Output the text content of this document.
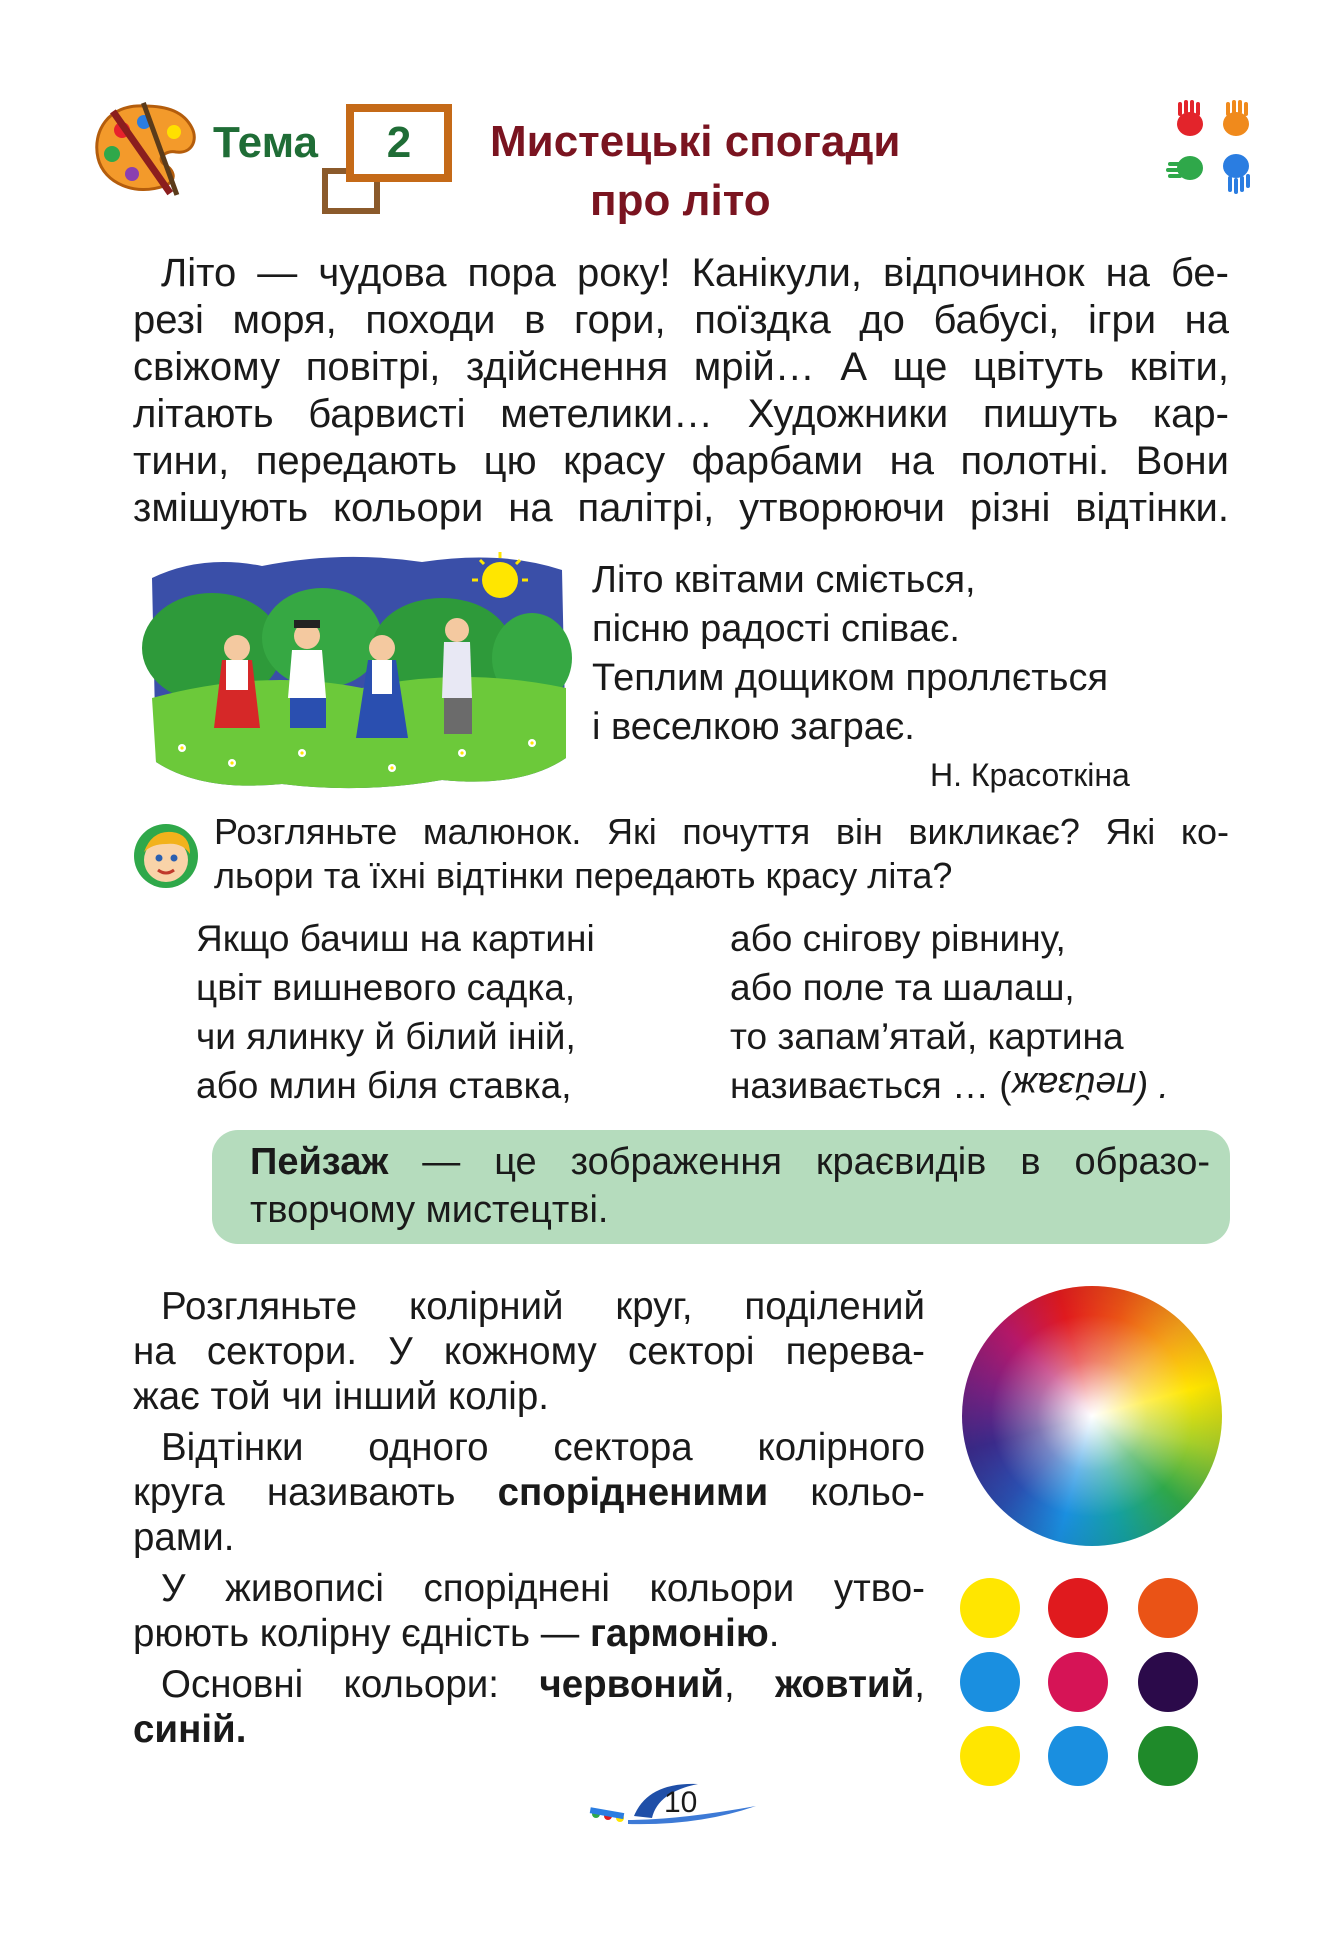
Тема	2	Мистецькі спогади
про літо
Літо — чудова пора року! Канікули, відпочинок на бе-
резі моря, походи в гори, поїздка до бабусі, ігри на
свіжому повітрі, здійснення мрій… А ще цвітуть квіти,
літають барвисті метелики… Художники пишуть кар-
тини, передають цю красу фарбами на полотні. Вони
змішують кольори на палітрі, утворюючи різні відтінки.
Літо квітами сміється,
пісню радості співає.
Теплим дощиком проллється
і веселкою заграє.
Н. Красоткіна
Розгляньте малюнок. Які почуття він викликає? Які ко-
льори та їхні відтінки передають красу літа?
Якщо бачиш на картині
цвіт вишневого садка,
чи ялинку й білий іній,
або млин біля ставка,
або снігову рівнину,
або поле та шалаш,
то запам’ятай, картина
називається … (пейзаж) .
Пейзаж — це зображення краєвидів в образо-
творчому мистецтві.
Розгляньте колірний круг, поділений
на сектори. У кожному секторі перева-
жає той чи інший колір.
Відтінки одного сектора колірного
круга називають спорідненими кольо-
рами.
У живописі споріднені кольори утво-
рюють колірну єдність — гармонію.
Основні кольори: червоний, жовтий,
синій.
10
